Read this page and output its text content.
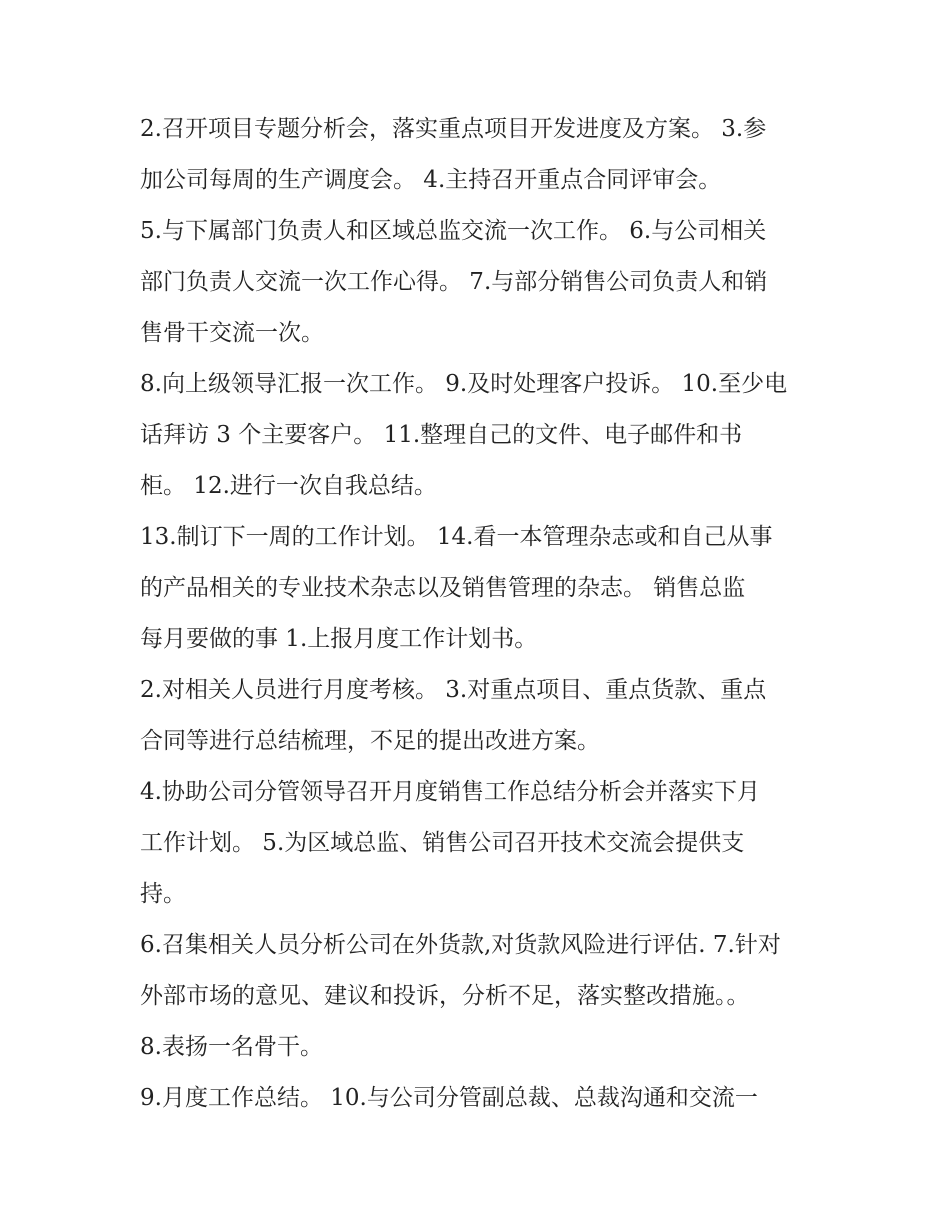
2.召开项目专题分析会，落实重点项目开发进度及方案。 3.参
加公司每周的生产调度会。 4.主持召开重点合同评审会。
5.与下属部门负责人和区域总监交流一次工作。 6.与公司相关
部门负责人交流一次工作心得。 7.与部分销售公司负责人和销
售骨干交流一次。
8.向上级领导汇报一次工作。 9.及时处理客户投诉。 10.至少电
话拜访 3 个主要客户。 11.整理自己的文件、电子邮件和书
柜。 12.进行一次自我总结。
13.制订下一周的工作计划。 14.看一本管理杂志或和自己从事
的产品相关的专业技术杂志以及销售管理的杂志。 销售总监
每月要做的事 1.上报月度工作计划书。
2.对相关人员进行月度考核。 3.对重点项目、重点货款、重点
合同等进行总结梳理，不足的提出改进方案。
4.协助公司分管领导召开月度销售工作总结分析会并落实下月
工作计划。 5.为区域总监、销售公司召开技术交流会提供支
持。
6.召集相关人员分析公司在外货款,对货款风险进行评估. 7.针对
外部市场的意见、建议和投诉，分析不足，落实整改措施。。
8.表扬一名骨干。
9.月度工作总结。 10.与公司分管副总裁、总裁沟通和交流一
